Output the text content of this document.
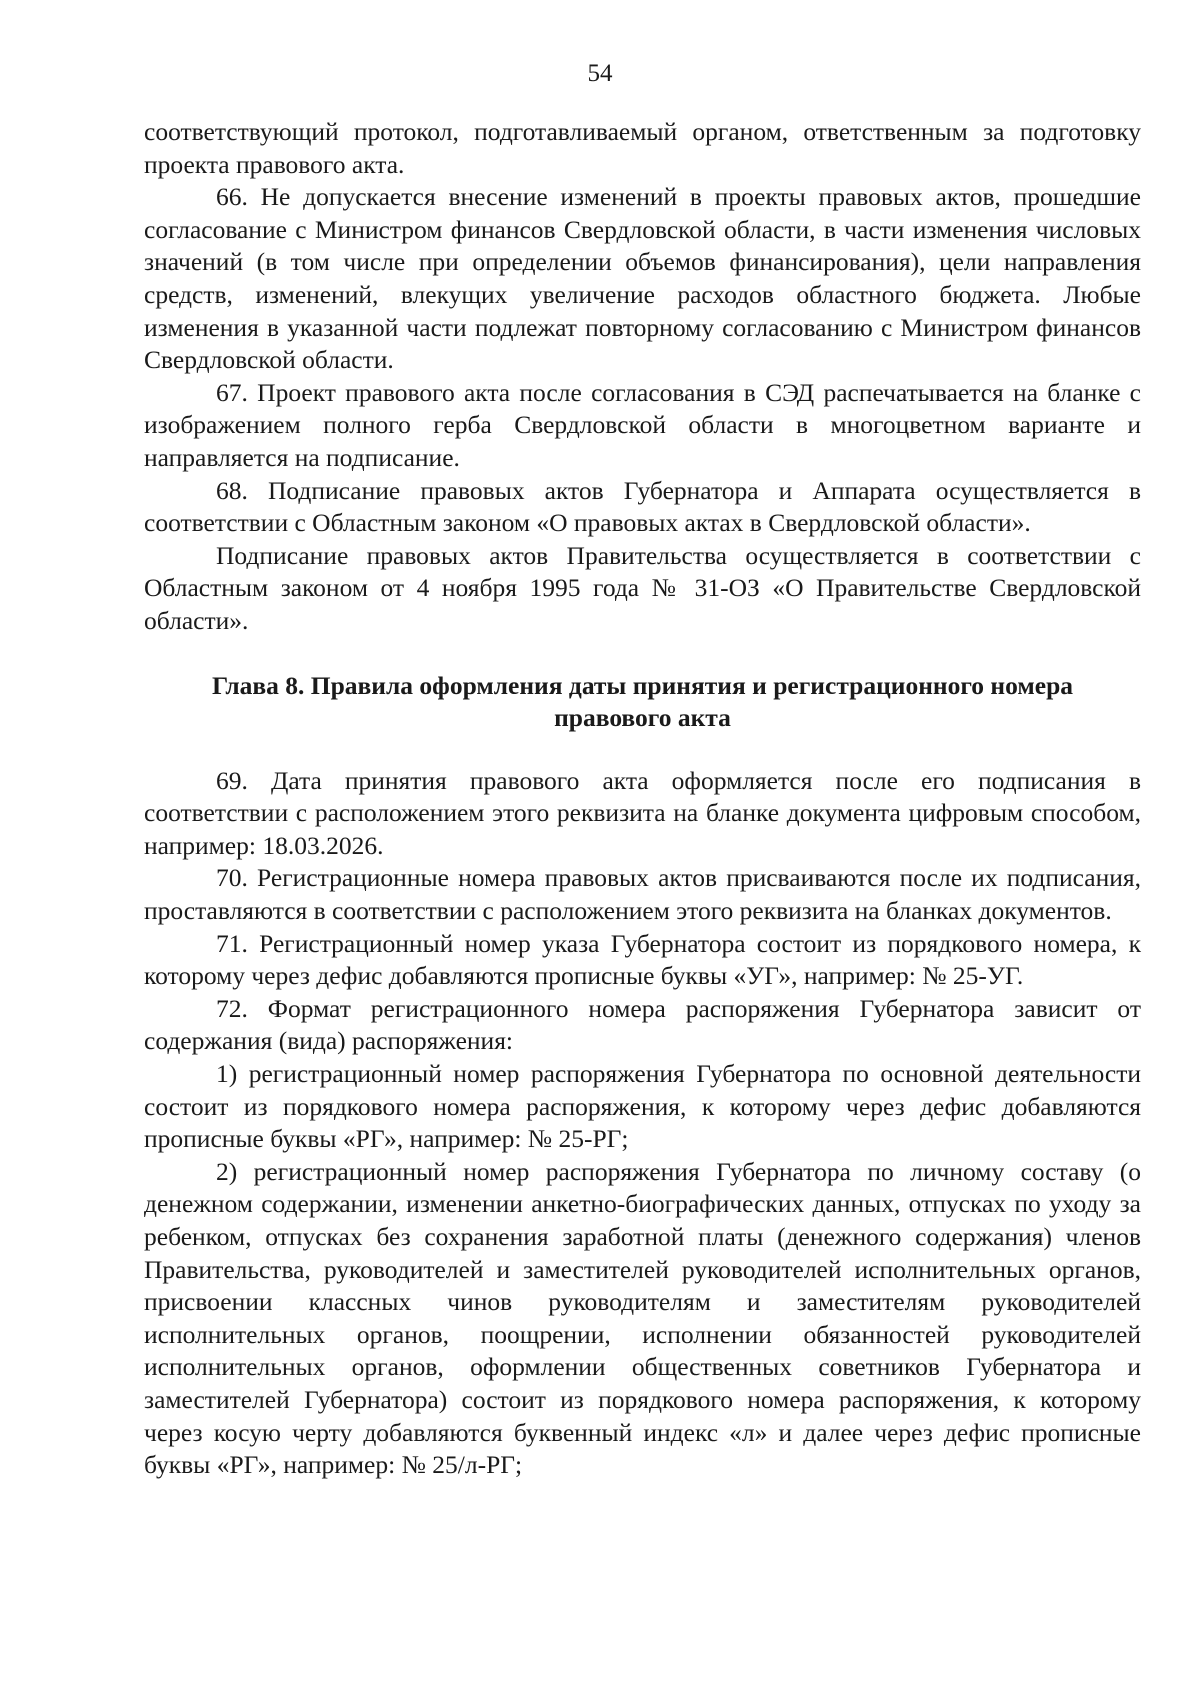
54

соответствующий протокол, подготавливаемый органом, ответственным за подготовку проекта правового акта.

66. Не допускается внесение изменений в проекты правовых актов, прошедшие согласование с Министром финансов Свердловской области, в части изменения числовых значений (в том числе при определении объемов финансирования), цели направления средств, изменений, влекущих увеличение расходов областного бюджета. Любые изменения в указанной части подлежат повторному согласованию с Министром финансов Свердловской области.

67. Проект правового акта после согласования в СЭД распечатывается на бланке с изображением полного герба Свердловской области в многоцветном варианте и направляется на подписание.

68. Подписание правовых актов Губернатора и Аппарата осуществляется в соответствии с Областным законом «О правовых актах в Свердловской области».

Подписание правовых актов Правительства осуществляется в соответствии с Областным законом от 4 ноября 1995 года № 31-ОЗ «О Правительстве Свердловской области».

Глава 8. Правила оформления даты принятия и регистрационного номера правового акта

69. Дата принятия правового акта оформляется после его подписания в соответствии с расположением этого реквизита на бланке документа цифровым способом, например: 18.03.2026.

70. Регистрационные номера правовых актов присваиваются после их подписания, проставляются в соответствии с расположением этого реквизита на бланках документов.

71. Регистрационный номер указа Губернатора состоит из порядкового номера, к которому через дефис добавляются прописные буквы «УГ», например: № 25-УГ.

72. Формат регистрационного номера распоряжения Губернатора зависит от содержания (вида) распоряжения:

1) регистрационный номер распоряжения Губернатора по основной деятельности состоит из порядкового номера распоряжения, к которому через дефис добавляются прописные буквы «РГ», например: № 25-РГ;

2) регистрационный номер распоряжения Губернатора по личному составу (о денежном содержании, изменении анкетно-биографических данных, отпусках по уходу за ребенком, отпусках без сохранения заработной платы (денежного содержания) членов Правительства, руководителей и заместителей руководителей исполнительных органов, присвоении классных чинов руководителям и заместителям руководителей исполнительных органов, поощрении, исполнении обязанностей руководителей исполнительных органов, оформлении общественных советников Губернатора и заместителей Губернатора) состоит из порядкового номера распоряжения, к которому через косую черту добавляются буквенный индекс «л» и далее через дефис прописные буквы «РГ», например: № 25/л-РГ;
